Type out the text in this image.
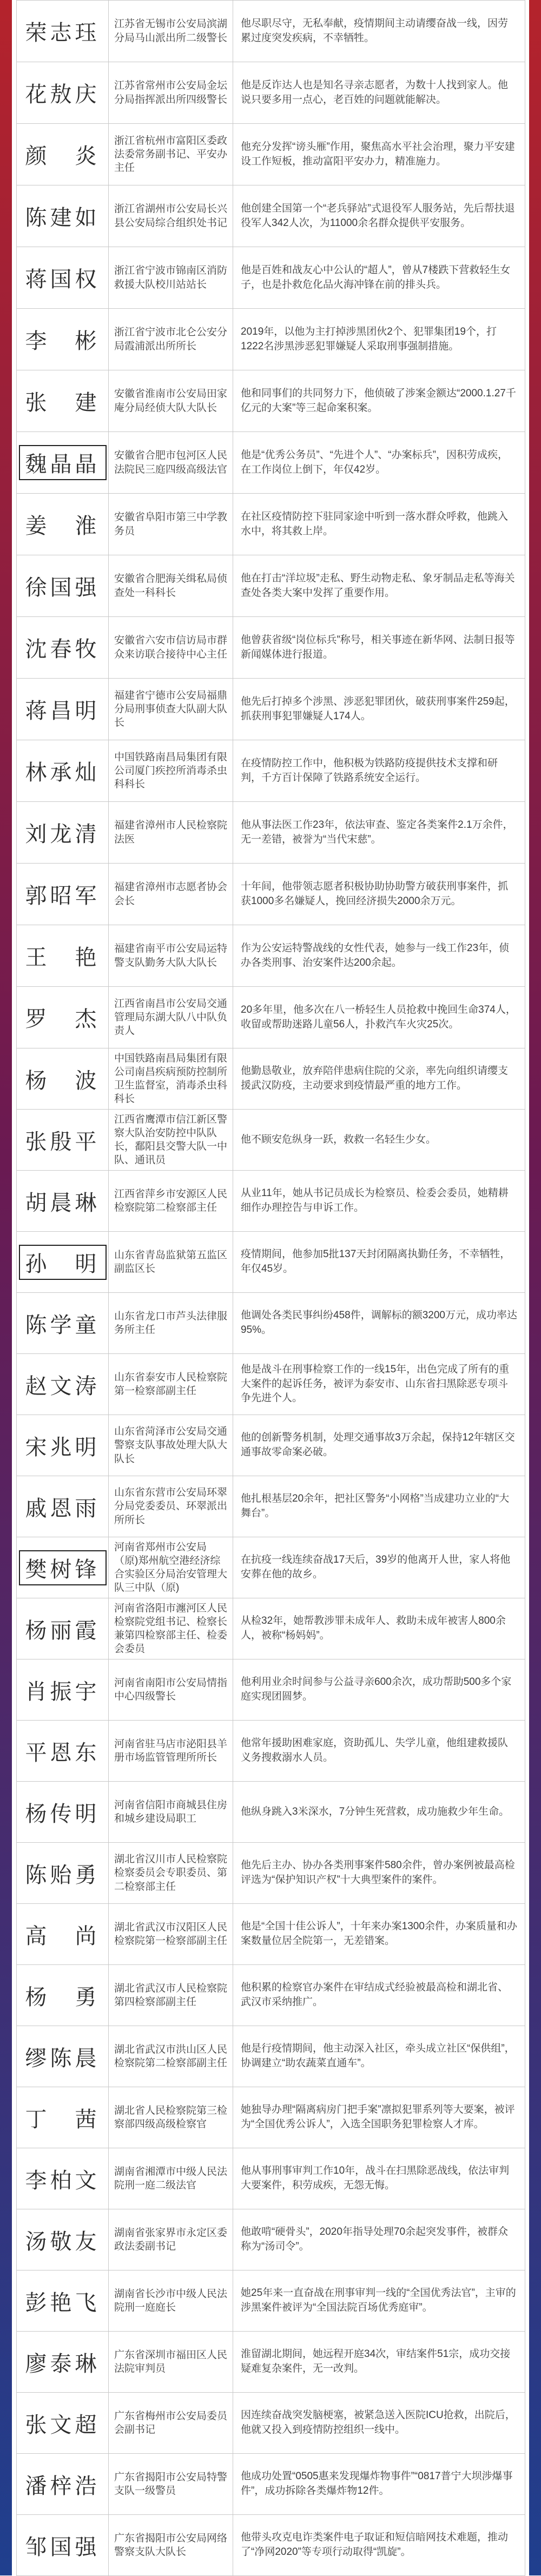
荣志珏	江苏省无锡市公安局滨湖分局马山派出所二级警长	他尽职尽守，无私奉献，疫情期间主动请缨奋战一线，因劳累过度突发疾病，不幸牺牲。

花敖庆	江苏省常州市公安局金坛分局指挥派出所四级警长	他是反诈达人也是知名寻亲志愿者，为数十人找到家人。他说只要多用一点心，老百姓的问题就能解决。

颜　炎	浙江省杭州市富阳区委政法委常务副书记、平安办主任	他充分发挥“谤头雁”作用，聚焦高水平社会治理，聚力平安建设工作短板，推动富阳平安办力，精准施力。

陈建如	浙江省湖州市公安局长兴县公安局综合组织处书记	他创建全国第一个“老兵驿站”式退役军人服务站，先后帮扶退役军人342人次，为11000余名群众提供平安服务。

蒋国权	浙江省宁波市锦南区消防救援大队校川站站长	他是百姓和战友心中公认的“超人”，曾从7楼跌下营救轻生女子，也是扑救危化品火海冲锋在前的排头兵。

李　彬	浙江省宁波市北仑公安分局霞浦派出所所长	2019年，以他为主打掉涉黑团伙2个、犯罪集团19个，打1222名涉黑涉恶犯罪嫌疑人采取刑事强制措施。

张　建	安徽省淮南市公安局田家庵分局经侦大队大队长	他和同事们的共同努力下，他侦破了涉案金额达“2000.1.27千亿元的大案”等三起命案积案。

魏晶晶	安徽省合肥市包河区人民法院民三庭四级高级法官	他是“优秀公务员”、“先进个人”、“办案标兵”，因积劳成疾，在工作岗位上倒下，年仅42岁。

姜　淮	安徽省阜阳市第三中学教务员	在社区疫情防控下驻同家途中听到一落水群众呼救，他跳入水中，将其救上岸。

徐国强	安徽省合肥海关缉私局侦查处一科科长	他在打击“洋垃圾”走私、野生动物走私、象牙制品走私等海关查处各类大案中发挥了重要作用。

沈春牧	安徽省六安市信访局市群众来访联合接待中心主任	他曾获省级“岗位标兵”称号，相关事迹在新华网、法制日报等新闻媒体进行报道。

蒋昌明	福建省宁德市公安局福鼎分局刑事侦查大队副大队长	他先后打掉多个涉黑、涉恶犯罪团伙，破获刑事案件259起，抓获刑事犯罪嫌疑人174人。

林承灿	中国铁路南昌局集团有限公司厦门疾控所消毒杀虫科科长	在疫情防控工作中，他积极为铁路防疫提供技术支撑和研判，千方百计保障了铁路系统安全运行。

刘龙清	福建省漳州市人民检察院法医	他从事法医工作23年，依法审查、鉴定各类案件2.1万余件，无一差错，被誉为“当代宋慈”。

郭昭军	福建省漳州市志愿者协会会长	十年间，他带领志愿者积极协助协助警方破获刑事案件，抓获1000多名嫌疑人，挽回经济损失2000余万元。

王　艳	福建省南平市公安局运特警支队勤务大队大队长	作为公安运特警战线的女性代表，她参与一线工作23年，侦办各类刑事、治安案件达200余起。

罗　杰	江西省南昌市公安局交通管理局东湖大队八中队负责人	20多年里，他多次在八一桥轻生人员抢救中挽回生命374人，收留或帮助迷路儿童56人，扑救汽车火灾25次。

杨　波	中国铁路南昌局集团有限公司南昌疾病预防控制所卫生监督室，消毒杀虫科科长	他勤恳敬业，放弃陪伴患病住院的父亲，率先向组织请缨支援武汉防疫，主动要求到疫情最严重的地方工作。

张殷平	江西省鹰潭市信江新区警察大队治安防控中队队长，鄱阳县交警大队一中队、通讯员	他不顾安危纵身一跃，救救一名轻生少女。

胡晨琳	江西省萍乡市安源区人民检察院第二检察部主任	从业11年，她从书记员成长为检察员、检委会委员，她精耕细作办理控告与申诉工作。

孙　明	山东省青岛监狱第五监区副监区长	疫情期间，他参加5批137天封闭隔离执勤任务，不幸牺牲，年仅45岁。

陈学童	山东省龙口市芦头法律服务所主任	他调处各类民事纠纷458件，调解标的额3200万元，成功率达95%。

赵文涛	山东省泰安市人民检察院第一检察部副主任	他是战斗在刑事检察工作的一线15年，出色完成了所有的重大案件的起诉任务，被评为泰安市、山东省扫黑除恶专项斗争先进个人。

宋兆明	山东省菏泽市公安局交通警察支队事故处理大队大队长	他的创新警务机制，处理交通事故3万余起，保持12年辖区交通事故零命案必破。

戚恩雨	山东省东营市公安局环翠分局党委委员、环翠派出所所长	他扎根基层20余年，把社区警务“小网格”当成建功立业的“大舞台”。

樊树锋	河南省郑州市公安局（原)郑州航空港经济综合实验区分局治安管理大队三中队（原)	在抗疫一线连续奋战17天后，39岁的他离开人世，家人将他安葬在他的故乡。

杨丽霞	河南省洛阳市瀍河区人民检察院党组书记、检察长兼第四检察部主任、检委会委员	从检32年，她帮教涉罪未成年人、救助未成年被害人800余人，被称“杨妈妈”。

肖振宇	河南省南阳市公安局情指中心四级警长	他利用业余时间参与公益寻亲600余次，成功帮助500多个家庭实现团圆梦。

平恩东	河南省驻马店市泌阳县羊册市场监管管理所所长	他常年援助困难家庭，资助孤儿、失学儿童，他组建救援队义务搜救溺水人员。

杨传明	河南省信阳市商城县住房和城乡建设局职工	他纵身跳入3米深水，7分钟生死营救，成功施救少年生命。

陈贻勇	湖北省汉川市人民检察院检察委员会专职委员、第二检察部主任	他先后主办、协办各类刑事案件580余件，曾办案例被最高检评选为“保护知识产权”十大典型案件的案件。

高　尚	湖北省武汉市汉阳区人民检察院第一检察部副主任	他是“全国十佳公诉人”，十年来办案1300余件，办案质量和办案数量位居全院第一，无差错案。

杨　勇	湖北省武汉市人民检察院第四检察部副主任	他积累的检察官办案件在审结成式经验被最高检和湖北省、武汉市采纳推广。

缪陈晨	湖北省武汉市洪山区人民检察院第二检察部副主任	他是行疫情期间，他主动深入社区，牵头成立社区“保供组”，协调建立“助农蔬菜直通车”。

丁　茜	湖北省人民检察院第三检察部四级高级检察官	她独导办理“隔离病房门把手案”凛拟犯罪系列等大要案，被评为“全国优秀公诉人”，入选全国职务犯罪检察人才库。

李柏文	湖南省湘潭市中级人民法院刑一庭二级法官	他从事刑事审判工作10年，战斗在扫黑除恶战线，依法审判大要案件，积劳成疾，无怨无悔。

汤敬友	湖南省张家界市永定区委政法委副书记	他敢啃“硬骨头”，2020年指导处理70余起突发事件，被群众称为“汤司令”。

彭艳飞	湖南省长沙市中级人民法院刑一庭庭长	她25年来一直奋战在刑事审判一线的“全国优秀法官”，主审的涉黑案件被评为“全国法院百场优秀庭审”。

廖泰琳	广东省深圳市福田区人民法院审判员	淮留湖北期间，她远程开庭34次，审结案件51宗，成功交接疑难复杂案件，无一改判。

张文超	广东省梅州市公安局委员会副书记	因连续奋战突发脑梗塞，被紧急送入医院ICU抢救，出院后，他就又投入到疫情防控组织一线中。

潘梓浩	广东省揭阳市公安局特警支队一级警员	他成功处置“0505惠来发现爆炸物事件”“0817普宁大坝涉爆事件”，成功拆除各类爆炸物12件。

邹国强	广东省揭阳市公安局网络警察支队大队长	他带头攻克电诈类案件电子取证和短信暗网技术难题，推动了“净网2020”等专项行动取得“凯旋”。
